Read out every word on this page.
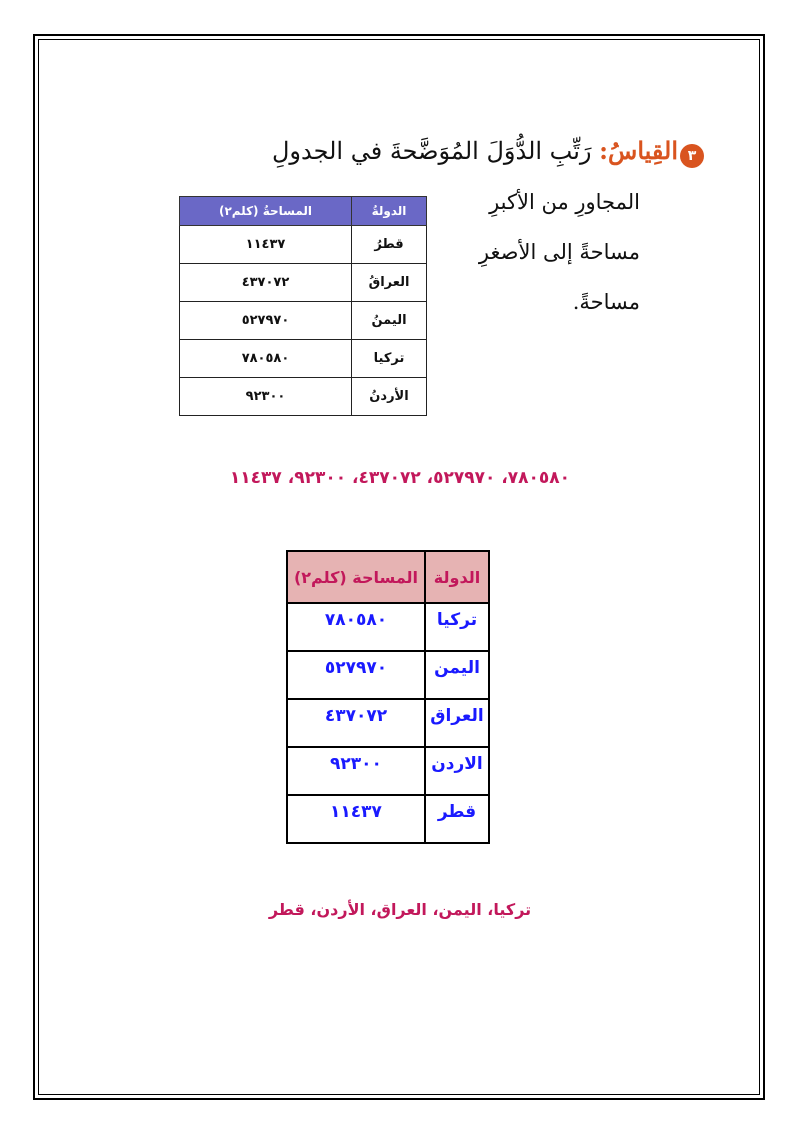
٣
القِياسُ: رَتِّبِ الدُّوَلَ المُوَضَّحةَ في الجدولِ
المجاورِ من الأكبرِ
مساحةً إلى الأصغرِ
مساحةً.
الدولةُ	المساحةُ (كلم٢)
قطرُ	١١٤٣٧
العراقُ	٤٣٧٠٧٢
اليمنُ	٥٢٧٩٧٠
تركيا	٧٨٠٥٨٠
الأردنُ	٩٢٣٠٠
٧٨٠٥٨٠، ٥٢٧٩٧٠، ٤٣٧٠٧٢، ٩٢٣٠٠، ١١٤٣٧
الدولة	المساحة (كلم٢)
تركيا	٧٨٠٥٨٠
اليمن	٥٢٧٩٧٠
العراق	٤٣٧٠٧٢
الاردن	٩٢٣٠٠
قطر	١١٤٣٧
تركيا، اليمن، العراق، الأردن، قطر
